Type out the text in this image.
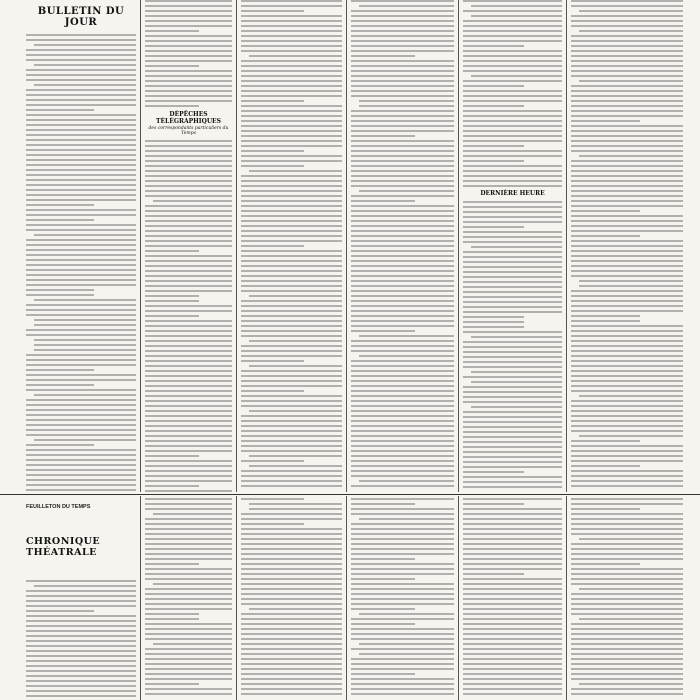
BULLETIN DU JOUR
DÉPÊCHES TÉLÉGRAPHIQUES
des correspondants particuliers du Temps
DERNIÈRE HEURE
FEUILLETON DU TEMPS
CHRONIQUE THÉATRALE
